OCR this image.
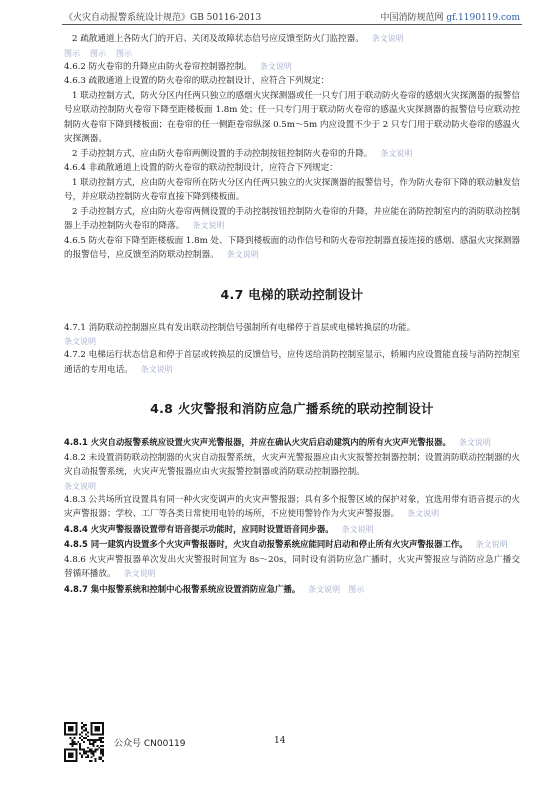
《火灾自动报警系统设计规范》GB 50116-2013	中国消防规范网 gf.1190119.com
2 疏散通道上各防火门的开启、关闭及故障状态信号应反馈至防火门监控器。 条文说明
图示 图示 图示
4.6.2 防火卷帘的升降应由防火卷帘控制器控制。 条文说明
4.6.3 疏散通道上设置的防火卷帘的联动控制设计，应符合下列规定：
1 联动控制方式，防火分区内任两只独立的感烟火灾探测器或任一只专门用于联动防火卷帘的感烟火灾探测器的报警信号应联动控制防火卷帘下降至距楼板面 1.8m 处；任一只专门用于联动防火卷帘的感温火灾探测器的报警信号应联动控制防火卷帘下降到楼板面；在卷帘的任一侧距卷帘纵深 0.5m～5m 内应设置不少于 2 只专门用于联动防火卷帘的感温火灾探测器。
2 手动控制方式，应由防火卷帘两侧设置的手动控制按钮控制防火卷帘的升降。 条文说明
4.6.4 非疏散通道上设置的防火卷帘的联动控制设计，应符合下列规定：
1 联动控制方式，应由防火卷帘所在防火分区内任两只独立的火灾探测器的报警信号，作为防火卷帘下降的联动触发信号，并应联动控制防火卷帘直接下降到楼板面。
2 手动控制方式，应由防火卷帘两侧设置的手动控制按钮控制防火卷帘的升降，并应能在消防控制室内的消防联动控制器上手动控制防火卷帘的降落。 条文说明
4.6.5 防火卷帘下降至距楼板面 1.8m 处、下降到楼板面的动作信号和防火卷帘控制器直接连接的感烟、感温火灾探测器的报警信号，应反馈至消防联动控制器。 条文说明
4.7 电梯的联动控制设计
4.7.1 消防联动控制器应具有发出联动控制信号强制所有电梯停于首层或电梯转换层的功能。
条文说明
4.7.2 电梯运行状态信息和停于首层或转换层的反馈信号，应传送给消防控制室显示，轿厢内应设置能直接与消防控制室通话的专用电话。 条文说明
4.8 火灾警报和消防应急广播系统的联动控制设计
4.8.1 火灾自动报警系统应设置火灾声光警报器，并应在确认火灾后启动建筑内的所有火灾声光警报器。 条文说明
4.8.2 未设置消防联动控制器的火灾自动报警系统，火灾声光警报器应由火灾报警控制器控制；设置消防联动控制器的火灾自动报警系统，火灾声光警报器应由火灾报警控制器或消防联动控制器控制。
条文说明
4.8.3 公共场所宜设置具有同一种火灾变调声的火灾声警报器；具有多个报警区域的保护对象，宜选用带有语音提示的火灾声警报器；学校、工厂等各类日常使用电铃的场所，不应使用警铃作为火灾声警报器。 条文说明
4.8.4 火灾声警报器设置带有语音提示功能时，应同时设置语音同步器。 条文说明
4.8.5 同一建筑内设置多个火灾声警报器时，火灾自动报警系统应能同时启动和停止所有火灾声警报器工作。 条文说明
4.8.6 火灾声警报器单次发出火灾警报时间宜为 8s～20s，同时设有消防应急广播时，火灾声警报应与消防应急广播交替循环播放。 条文说明
4.8.7 集中报警系统和控制中心报警系统应设置消防应急广播。 条文说明 图示
公众号 CN00119	14
